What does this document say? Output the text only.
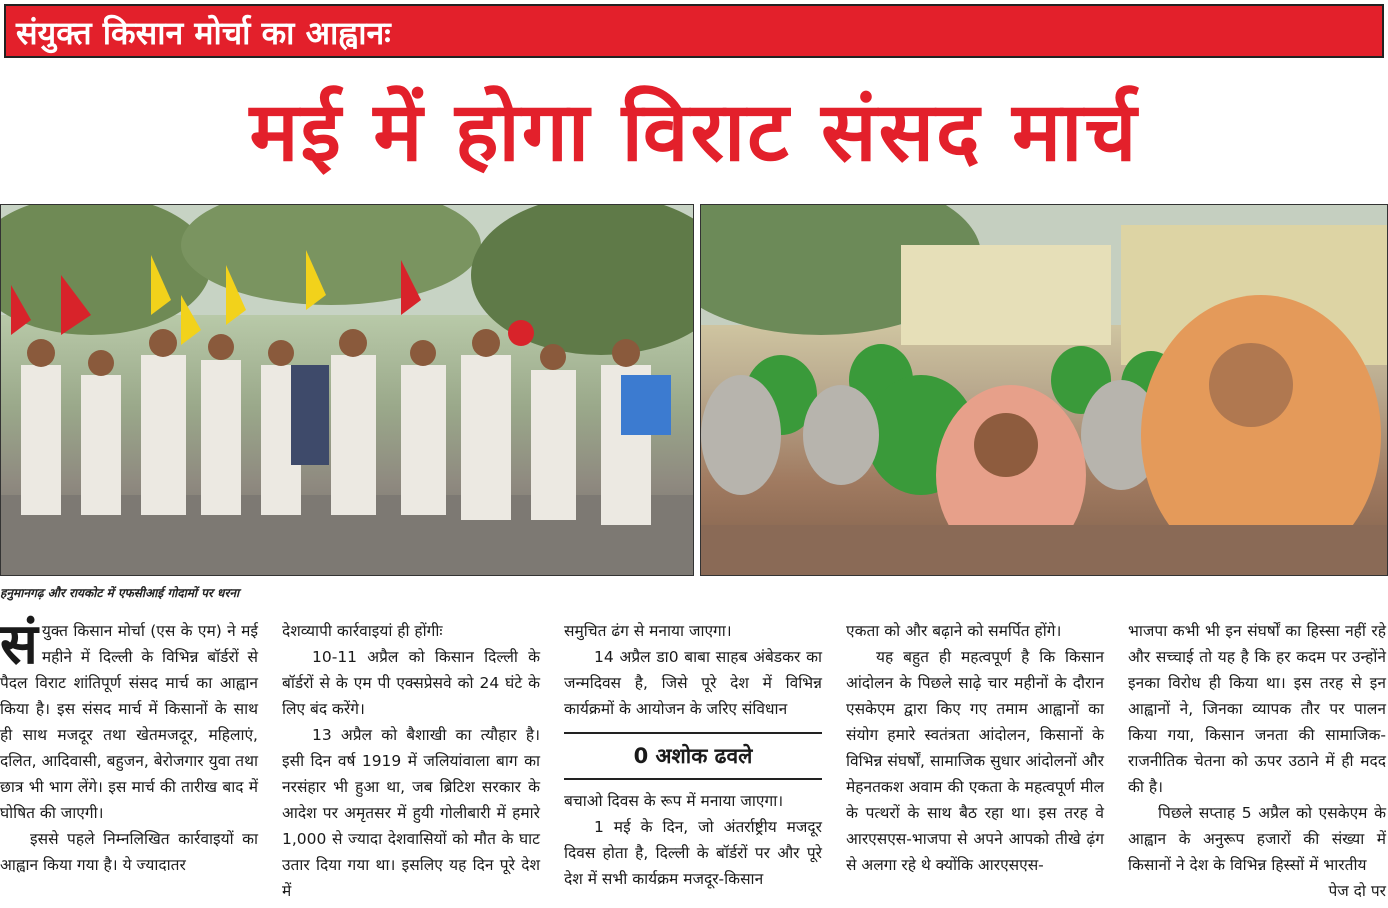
संयुक्त किसान मोर्चा का आह्वानः
मई में होगा विराट संसद मार्च
हनुमानगढ़ और रायकोट में एफसीआई गोदामों पर धरना

संयुक्त किसान मोर्चा (एस के एम) ने मई महीने में दिल्ली के विभिन्न बॉर्डरों से पैदल विराट शांतिपूर्ण संसद मार्च का आह्वान किया है। इस संसद मार्च में किसानों के साथ ही साथ मजदूर तथा खेतमजदूर, महिलाएं, दलित, आदिवासी, बहुजन, बेरोजगार युवा तथा छात्र भी भाग लेंगे। इस मार्च की तारीख बाद में घोषित की जाएगी।

इससे पहले निम्नलिखित कार्रवाइयों का आह्वान किया गया है। ये ज्यादातर

देशव्यापी कार्रवाइयां ही होंगीः

10-11 अप्रैल को किसान दिल्ली के बॉर्डरों से के एम पी एक्सप्रेसवे को 24 घंटे के लिए बंद करेंगे।

13 अप्रैल को बैशाखी का त्यौहार है। इसी दिन वर्ष 1919 में जलियांवाला बाग का नरसंहार भी हुआ था, जब ब्रिटिश सरकार के आदेश पर अमृतसर में हुयी गोलीबारी में हमारे 1,000 से ज्यादा देशवासियों को मौत के घाट उतार दिया गया था। इसलिए यह दिन पूरे देश में

समुचित ढंग से मनाया जाएगा।

14 अप्रैल डा0 बाबा साहब अंबेडकर का जन्मदिवस है, जिसे पूरे देश में विभिन्न कार्यक्रमों के आयोजन के जरिए संविधान

0 अशोक ढवले

बचाओ दिवस के रूप में मनाया जाएगा।

1 मई के दिन, जो अंतर्राष्ट्रीय मजदूर दिवस होता है, दिल्ली के बॉर्डरों पर और पूरे देश में सभी कार्यक्रम मजदूर-किसान

एकता को और बढ़ाने को समर्पित होंगे।

यह बहुत ही महत्वपूर्ण है कि किसान आंदोलन के पिछले साढ़े चार महीनों के दौरान एसकेएम द्वारा किए गए तमाम आह्वानों का संयोग हमारे स्वतंत्रता आंदोलन, किसानों के विभिन्न संघर्षों, सामाजिक सुधार आंदोलनों और मेहनतकश अवाम की एकता के महत्वपूर्ण मील के पत्थरों के साथ बैठ रहा था। इस तरह वे आरएसएस-भाजपा से अपने आपको तीखे ढ़ंग से अलगा रहे थे क्योंकि आरएसएस-

भाजपा कभी भी इन संघर्षों का हिस्सा नहीं रहे और सच्चाई तो यह है कि हर कदम पर उन्होंने इनका विरोध ही किया था। इस तरह से इन आह्वानों ने, जिनका व्यापक तौर पर पालन किया गया, किसान जनता की सामाजिक-राजनीतिक चेतना को ऊपर उठाने में ही मदद की है।

पिछले सप्ताह 5 अप्रैल को एसकेएम के आह्वान के अनुरूप हजारों की संख्या में किसानों ने देश के विभिन्न हिस्सों में भारतीय

पेज दो पर
